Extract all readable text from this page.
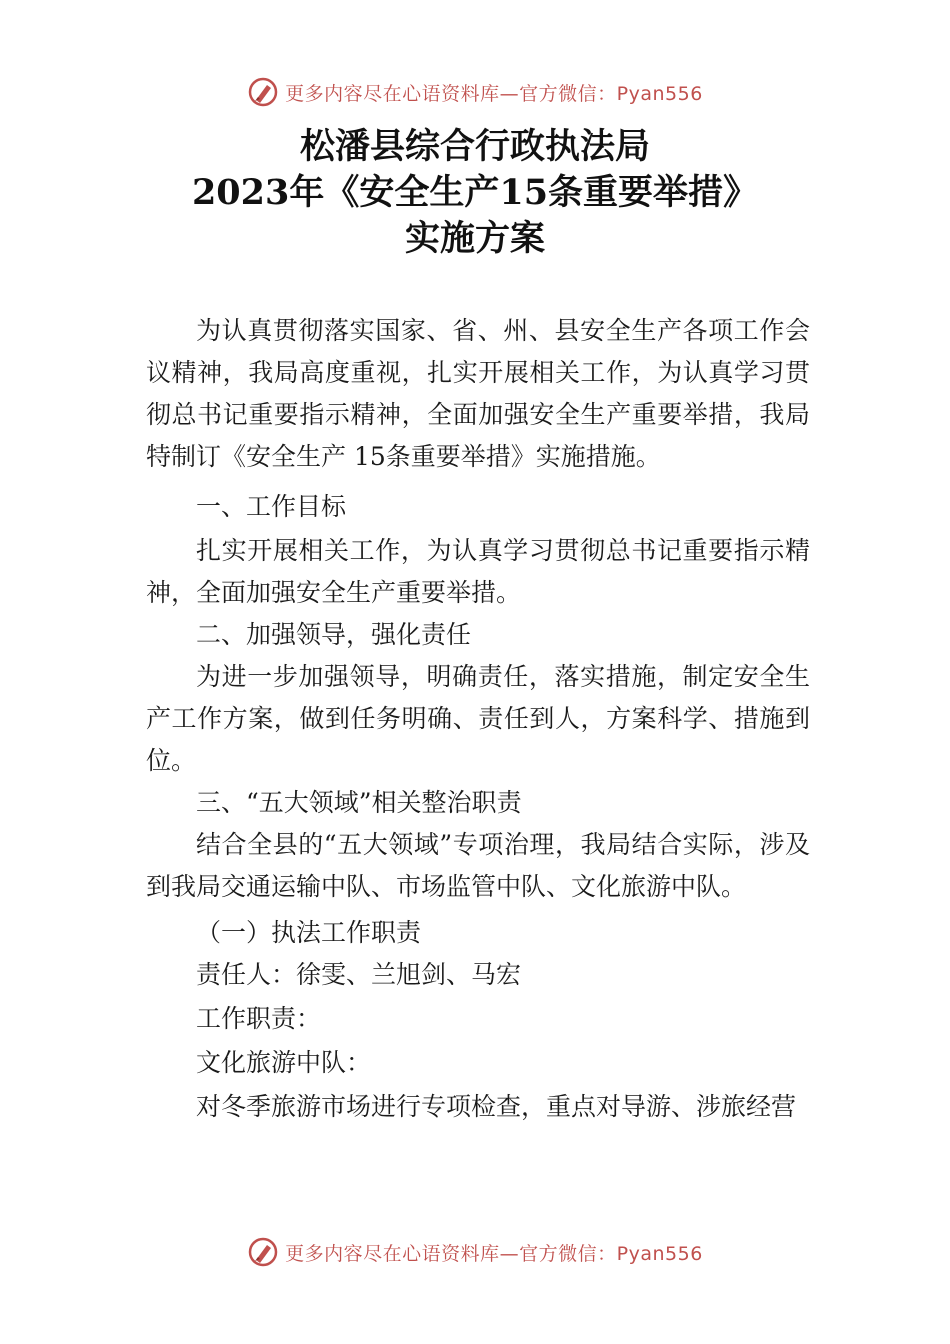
更多内容尽在心语资料库—官方微信：Pyan556
松潘县综合行政执法局
2023年《安全生产15条重要举措》
实施方案

为认真贯彻落实国家、省、州、县安全生产各项工作会议精神，我局高度重视，扎实开展相关工作，为认真学习贯彻总书记重要指示精神，全面加强安全生产重要举措，我局特制订《安全生产 15条重要举措》实施措施。

一、工作目标

扎实开展相关工作，为认真学习贯彻总书记重要指示精神，全面加强安全生产重要举措。

二、加强领导，强化责任

为进一步加强领导，明确责任，落实措施，制定安全生产工作方案，做到任务明确、责任到人，方案科学、措施到位。

三、“五大领域”相关整治职责

结合全县的“五大领域”专项治理，我局结合实际，涉及到我局交通运输中队、市场监管中队、文化旅游中队。

（一）执法工作职责

责任人：徐雯、兰旭剑、马宏

工作职责：

文化旅游中队：

对冬季旅游市场进行专项检查，重点对导游、涉旅经营

更多内容尽在心语资料库—官方微信：Pyan556
